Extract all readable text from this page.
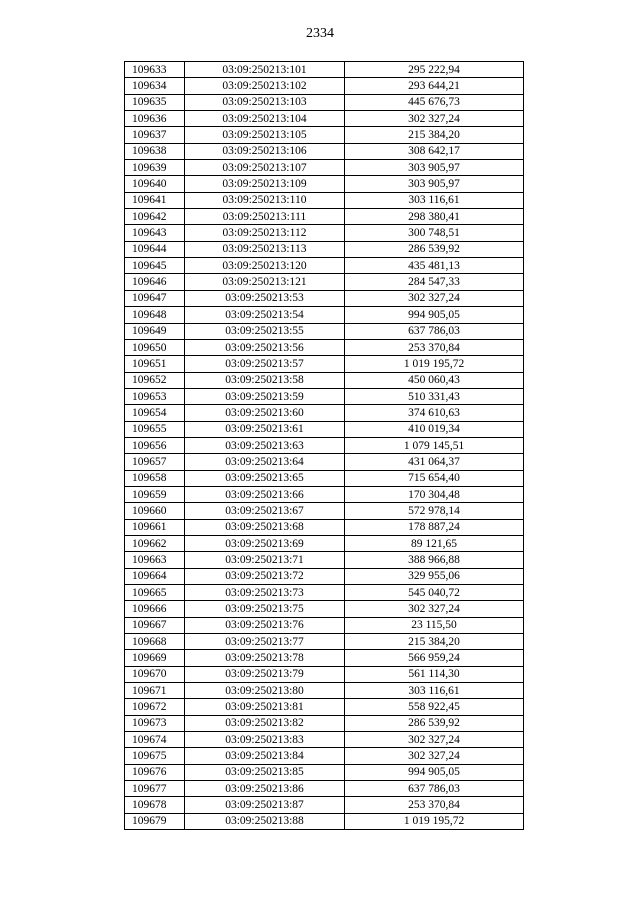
2334
109633	03:09:250213:101	295 222,94
109634	03:09:250213:102	293 644,21
109635	03:09:250213:103	445 676,73
109636	03:09:250213:104	302 327,24
109637	03:09:250213:105	215 384,20
109638	03:09:250213:106	308 642,17
109639	03:09:250213:107	303 905,97
109640	03:09:250213:109	303 905,97
109641	03:09:250213:110	303 116,61
109642	03:09:250213:111	298 380,41
109643	03:09:250213:112	300 748,51
109644	03:09:250213:113	286 539,92
109645	03:09:250213:120	435 481,13
109646	03:09:250213:121	284 547,33
109647	03:09:250213:53	302 327,24
109648	03:09:250213:54	994 905,05
109649	03:09:250213:55	637 786,03
109650	03:09:250213:56	253 370,84
109651	03:09:250213:57	1 019 195,72
109652	03:09:250213:58	450 060,43
109653	03:09:250213:59	510 331,43
109654	03:09:250213:60	374 610,63
109655	03:09:250213:61	410 019,34
109656	03:09:250213:63	1 079 145,51
109657	03:09:250213:64	431 064,37
109658	03:09:250213:65	715 654,40
109659	03:09:250213:66	170 304,48
109660	03:09:250213:67	572 978,14
109661	03:09:250213:68	178 887,24
109662	03:09:250213:69	89 121,65
109663	03:09:250213:71	388 966,88
109664	03:09:250213:72	329 955,06
109665	03:09:250213:73	545 040,72
109666	03:09:250213:75	302 327,24
109667	03:09:250213:76	23 115,50
109668	03:09:250213:77	215 384,20
109669	03:09:250213:78	566 959,24
109670	03:09:250213:79	561 114,30
109671	03:09:250213:80	303 116,61
109672	03:09:250213:81	558 922,45
109673	03:09:250213:82	286 539,92
109674	03:09:250213:83	302 327,24
109675	03:09:250213:84	302 327,24
109676	03:09:250213:85	994 905,05
109677	03:09:250213:86	637 786,03
109678	03:09:250213:87	253 370,84
109679	03:09:250213:88	1 019 195,72
